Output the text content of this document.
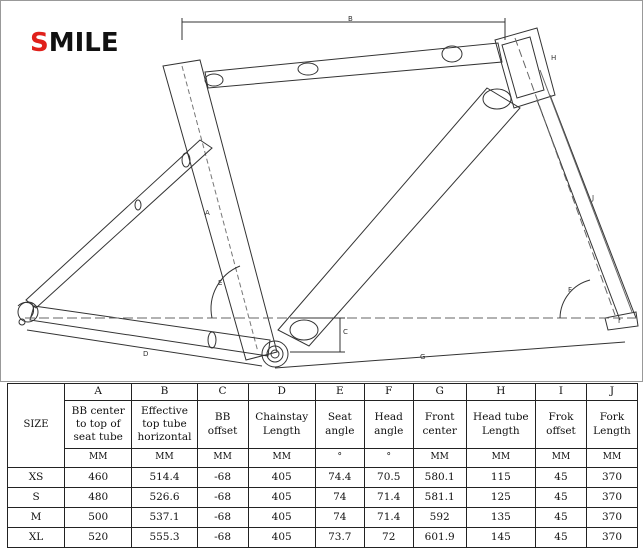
B
H
E
F
C
D	G
A
J
I
SMILE
SIZE	A	B	C	D	E	F	G	H	I	J
	BB center to top of seat tube	Effective top tube horizontal	BB offset	Chainstay Length	Seat angle	Head angle	Front center	Head tube Length	Frok offset	Fork Length
	MM	MM	MM	MM	°	°	MM	MM	MM	MM
XS	460	514.4	-68	405	74.4	70.5	580.1	115	45	370
S	480	526.6	-68	405	74	71.4	581.1	125	45	370
M	500	537.1	-68	405	74	71.4	592	135	45	370
XL	520	555.3	-68	405	73.7	72	601.9	145	45	370
